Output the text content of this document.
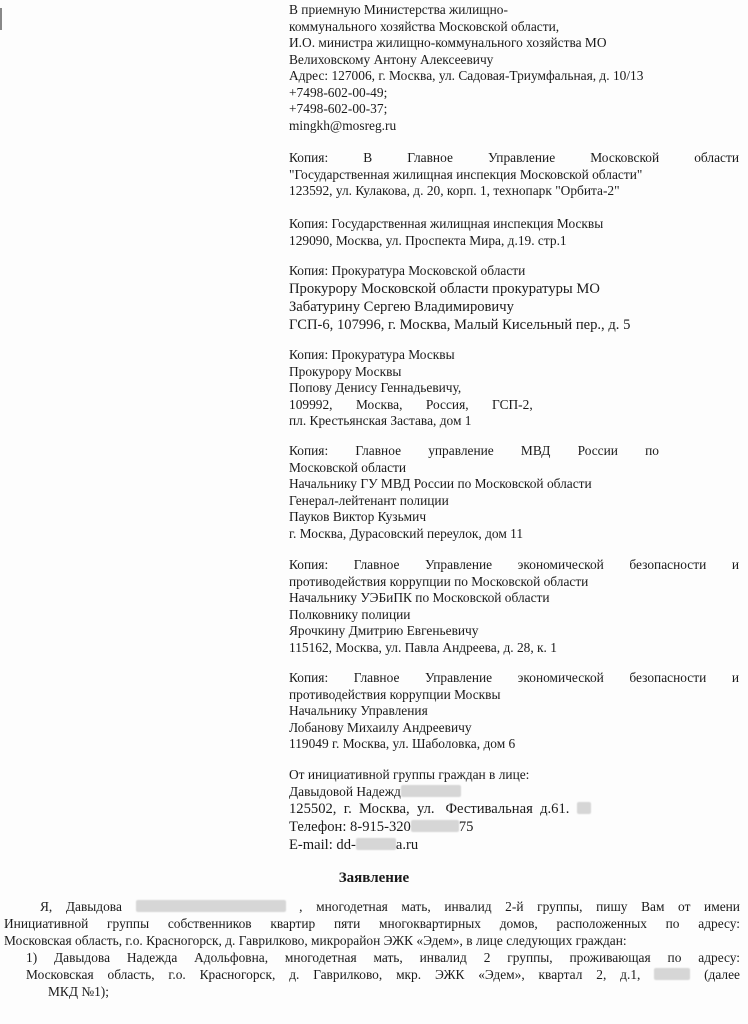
В приемную Министерства жилищно-
коммунального хозяйства Московской области,
И.О. министра жилищно-коммунального хозяйства МО
Велиховскому Антону Алексеевичу
Адрес: 127006, г. Москва, ул. Садовая-Триумфальная, д. 10/13
+7498-602-00-49;
+7498-602-00-37;
mingkh@mosreg.ru
Копия: В Главное Управление Московской области
"Государственная жилищная инспекция Московской области"
123592, ул. Кулакова, д. 20, корп. 1, технопарк "Орбита-2"
Копия: Государственная жилищная инспекция Москвы
129090, Москва, ул. Проспекта Мира, д.19. стр.1
Копия: Прокуратура Московской области
Прокурору Московской области прокуратуры МО
Забатурину Сергею Владимировичу
ГСП-6, 107996, г. Москва, Малый Кисельный пер., д. 5
Копия: Прокуратура Москвы
Прокурору Москвы
Попову Денису Геннадьевичу,
109992,       Москва,       Россия,       ГСП-2,
пл. Крестьянская Застава, дом 1
Копия: Главное управление МВД России по
Московской области
Начальнику ГУ МВД России по Московской области
Генерал-лейтенант полиции
Пауков Виктор Кузьмич
г. Москва, Дурасовский переулок, дом 11
Копия: Главное Управление экономической безопасности и
противодействия коррупции по Московской области
Начальнику УЭБиПК по Московской области
Полковнику полиции
Ярочкину Дмитрию Евгеньевичу
115162, Москва, ул. Павла Андреева, д. 28, к. 1
Копия: Главное Управление экономической безопасности и
противодействия коррупции Москвы
Начальнику Управления
Лобанову Михаилу Андреевичу
119049 г. Москва, ул. Шаболовка, дом 6
От инициативной группы граждан в лице:
Давыдовой Надежд
125502,  г.  Москва,  ул.   Фестивальная  д.61.
Телефон: 8-915-320	75
E-mail: dd-	a.ru
Заявление
Я, Давыдова	, многодетная мать, инвалид 2-й группы, пишу Вам от имени
Инициативной группы собственников квартир пяти многоквартирных домов, расположенных по адресу:
Московская область, г.о. Красногорск, д. Гаврилково, микрорайон ЭЖК «Эдем», в лице следующих граждан:
1) Давыдова Надежда Адольфовна, многодетная мать, инвалид 2 группы, проживающая по адресу:
Московская область, г.о. Красногорск, д. Гаврилково, мкр. ЭЖК «Эдем», квартал 2, д.1,	(далее
МКД №1);
